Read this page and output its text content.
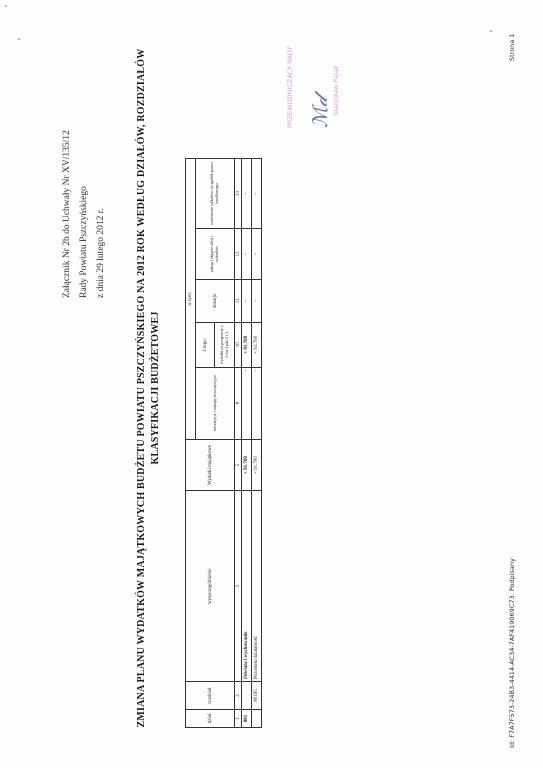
Załącznik Nr 2b do Uchwały Nr XV/135/12 Rady Powiatu Pszczyńskiego z dnia 29 lutego 2012 r.	ZMIANA PLANU WYDATKÓW MAJĄTKOWYCH BUDŻETU POWIATU PSZCZYŃSKIEGO NA 2012 ROK WEDŁUG DZIAŁÓW, ROZDZIAŁÓW KLASYFIKACJI BUDŻETOWEJ
dział	rozdział	wyszczególnienie	Wydatki majątkowe	w tym:				
				inwestycje i zakupy inwestycyjne	z tego:	dotacje	zakup i objęcie akcji i udziałów	wniesienie wkładów do spółek prawa handlowego
					wydatki na programy z 5 ust.1 pkt 2 i 3			
1	2	3	5	8	10	11	12	13
801		Oświata i wychowanie	+ 91.700	-	+ 91.700	-	-	-
	80195	Pozostała działalność	+ 91.700	-	+ 91.700	-	-	-
PRZEWODNICZĄCY RADY	Stanisław Pająk
ℳ𝒹
Id: F7A7F573-24B3-4414-AC34-7AF419069C73. Podpisany
Strona 1
